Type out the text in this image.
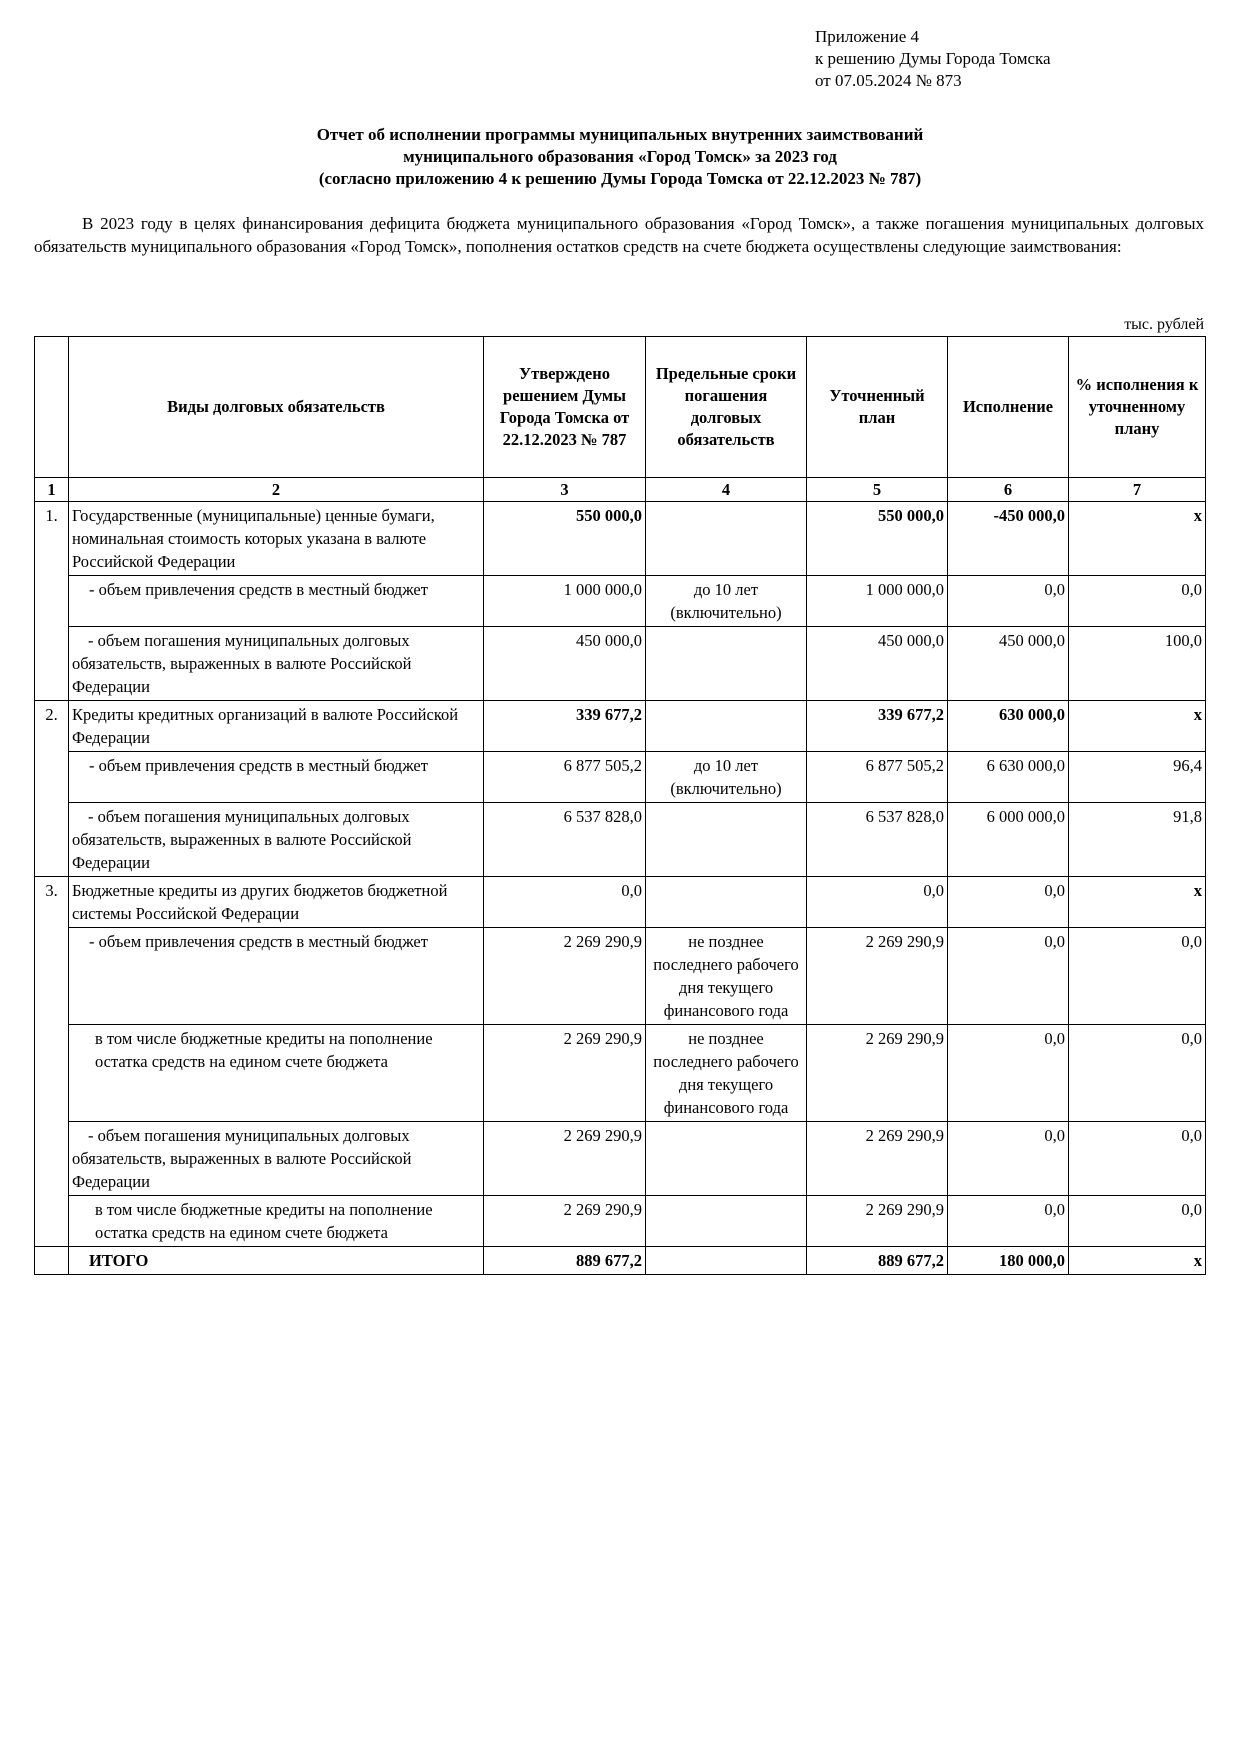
Приложение 4
к решению Думы Города Томска
от 07.05.2024 № 873
Отчет об исполнении программы муниципальных внутренних заимствований
муниципального образования «Город Томск» за 2023 год
(согласно приложению 4 к решению Думы Города Томска от 22.12.2023 № 787)
В 2023 году в целях финансирования дефицита бюджета муниципального образования «Город Томск», а также погашения муниципальных долговых обязательств муниципального образования «Город Томск», пополнения остатков средств на счете бюджета осуществлены следующие заимствования:
тыс. рублей
	Виды долговых обязательств	Утверждено решением Думы Города Томска от 22.12.2023 № 787	Предельные сроки погашения долговых обязательств	Уточненный план	Исполнение	% исполнения к уточненному плану
1	2	3	4	5	6	7
1.	Государственные (муниципальные) ценные бумаги, номинальная стоимость которых указана в валюте Российской Федерации	550 000,0		550 000,0	-450 000,0	x
	- объем привлечения средств в местный бюджет	1 000 000,0	до 10 лет (включительно)	1 000 000,0	0,0	0,0
	- объем погашения муниципальных долговых обязательств, выраженных в валюте Российской Федерации	450 000,0		450 000,0	450 000,0	100,0
2.	Кредиты кредитных организаций в валюте Российской Федерации	339 677,2		339 677,2	630 000,0	x
	- объем привлечения средств в местный бюджет	6 877 505,2	до 10 лет (включительно)	6 877 505,2	6 630 000,0	96,4
	- объем погашения муниципальных долговых обязательств, выраженных в валюте Российской Федерации	6 537 828,0		6 537 828,0	6 000 000,0	91,8
3.	Бюджетные кредиты из других бюджетов бюджетной системы Российской Федерации	0,0		0,0	0,0	x
	- объем привлечения средств в местный бюджет	2 269 290,9	не позднее последнего рабочего дня текущего финансового года	2 269 290,9	0,0	0,0
	в том числе бюджетные кредиты на пополнение остатка средств на едином счете бюджета	2 269 290,9	не позднее последнего рабочего дня текущего финансового года	2 269 290,9	0,0	0,0
	- объем погашения муниципальных долговых обязательств, выраженных в валюте Российской Федерации	2 269 290,9		2 269 290,9	0,0	0,0
	в том числе бюджетные кредиты на пополнение остатка средств на едином счете бюджета	2 269 290,9		2 269 290,9	0,0	0,0
	ИТОГО	889 677,2		889 677,2	180 000,0	x
